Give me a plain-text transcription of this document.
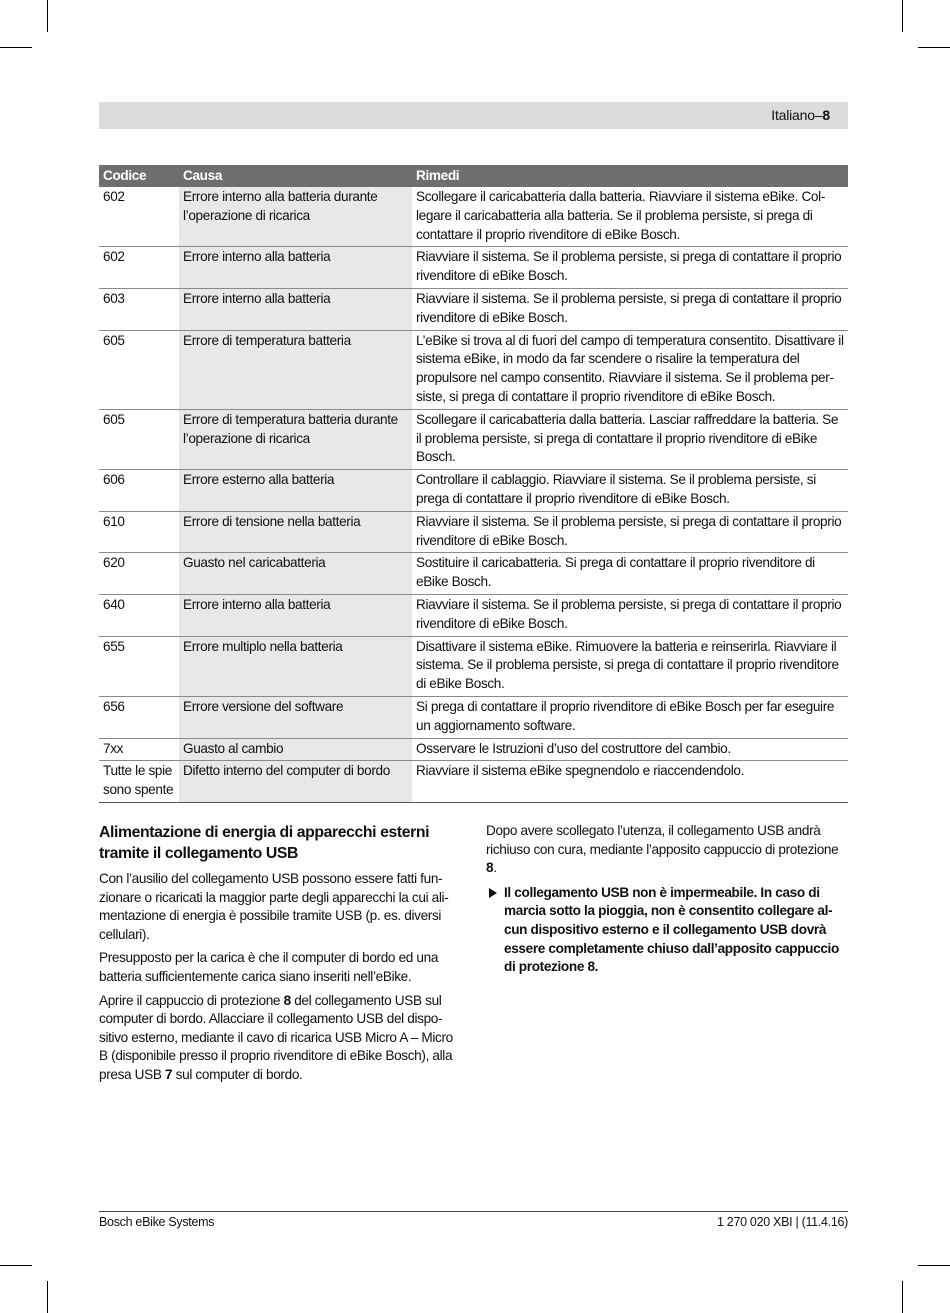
Italiano–8
Codice	Causa	Rimedi
602	Errore interno alla batteria durante l’operazione di ricarica	Scollegare il caricabatteria dalla batteria. Riavviare il sistema eBike. Collegare il caricabatteria alla batteria. Se il problema persiste, si prega di contattare il proprio rivenditore di eBike Bosch.
602	Errore interno alla batteria	Riavviare il sistema. Se il problema persiste, si prega di contattare il proprio rivenditore di eBike Bosch.
603	Errore interno alla batteria	Riavviare il sistema. Se il problema persiste, si prega di contattare il proprio rivenditore di eBike Bosch.
605	Errore di temperatura batteria	L’eBike si trova al di fuori del campo di temperatura consentito. Disattivare il sistema eBike, in modo da far scendere o risalire la temperatura del propulsore nel campo consentito. Riavviare il sistema. Se il problema persiste, si prega di contattare il proprio rivenditore di eBike Bosch.
605	Errore di temperatura batteria durante l’operazione di ricarica	Scollegare il caricabatteria dalla batteria. Lasciar raffreddare la batteria. Se il problema persiste, si prega di contattare il proprio rivenditore di eBike Bosch.
606	Errore esterno alla batteria	Controllare il cablaggio. Riavviare il sistema. Se il problema persiste, si prega di contattare il proprio rivenditore di eBike Bosch.
610	Errore di tensione nella batteria	Riavviare il sistema. Se il problema persiste, si prega di contattare il proprio rivenditore di eBike Bosch.
620	Guasto nel caricabatteria	Sostituire il caricabatteria. Si prega di contattare il proprio rivenditore di eBike Bosch.
640	Errore interno alla batteria	Riavviare il sistema. Se il problema persiste, si prega di contattare il proprio rivenditore di eBike Bosch.
655	Errore multiplo nella batteria	Disattivare il sistema eBike. Rimuovere la batteria e reinserirla. Riavviare il sistema. Se il problema persiste, si prega di contattare il proprio rivenditore di eBike Bosch.
656	Errore versione del software	Si prega di contattare il proprio rivenditore di eBike Bosch per far eseguire un aggiornamento software.
7xx	Guasto al cambio	Osservare le Istruzioni d’uso del costruttore del cambio.
Tutte le spie sono spente	Difetto interno del computer di bordo	Riavviare il sistema eBike spegnendolo e riaccendendolo.
Alimentazione di energia di apparecchi esterni tramite il collegamento USB

Con l’ausilio del collegamento USB possono essere fatti funzionare o ricaricati la maggior parte degli apparecchi la cui alimentazione di energia è possibile tramite USB (p. es. diversi cellulari).

Presupposto per la carica è che il computer di bordo ed una batteria sufficientemente carica siano inseriti nell’eBike.

Aprire il cappuccio di protezione 8 del collegamento USB sul computer di bordo. Allacciare il collegamento USB del dispositivo esterno, mediante il cavo di ricarica USB Micro A – Micro B (disponibile presso il proprio rivenditore di eBike Bosch), alla presa USB 7 sul computer di bordo.

Dopo avere scollegato l’utenza, il collegamento USB andrà richiuso con cura, mediante l’apposito cappuccio di protezione 8.

Il collegamento USB non è impermeabile. In caso di marcia sotto la pioggia, non è consentito collegare alcun dispositivo esterno e il collegamento USB dovrà essere completamente chiuso dall’apposito cappuccio di protezione 8.
Bosch eBike Systems	1 270 020 XBI | (11.4.16)
